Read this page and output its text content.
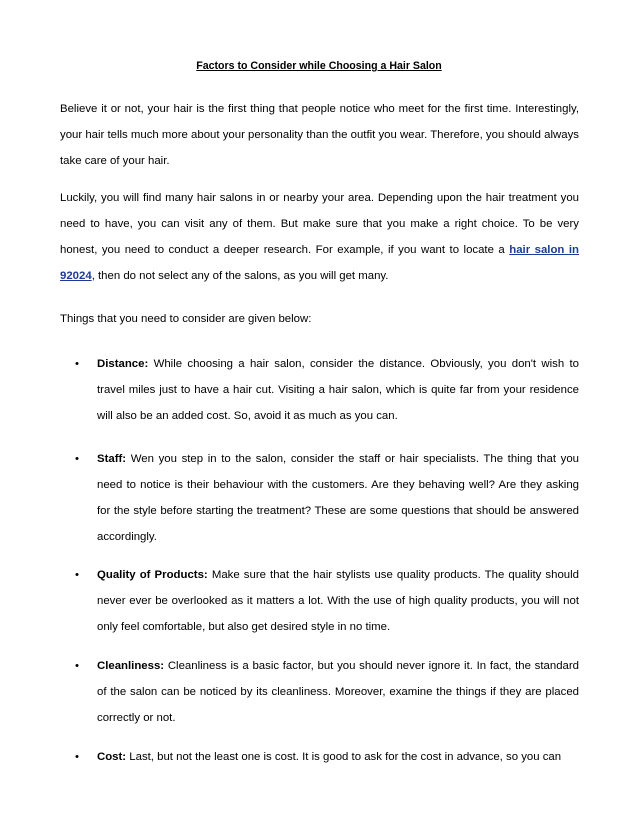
Factors to Consider while Choosing a Hair Salon

Believe it or not, your hair is the first thing that people notice who meet for the first time. Interestingly, your hair tells much more about your personality than the outfit you wear. Therefore, you should always take care of your hair.

Luckily, you will find many hair salons in or nearby your area. Depending upon the hair treatment you need to have, you can visit any of them. But make sure that you make a right choice. To be very honest, you need to conduct a deeper research. For example, if you want to locate a hair salon in 92024, then do not select any of the salons, as you will get many.

Things that you need to consider are given below:

•	Distance: While choosing a hair salon, consider the distance. Obviously, you don't wish to travel miles just to have a hair cut. Visiting a hair salon, which is quite far from your residence will also be an added cost. So, avoid it as much as you can.
•	Staff: Wen you step in to the salon, consider the staff or hair specialists. The thing that you need to notice is their behaviour with the customers. Are they behaving well? Are they asking for the style before starting the treatment? These are some questions that should be answered accordingly.
•	Quality of Products: Make sure that the hair stylists use quality products. The quality should never ever be overlooked as it matters a lot. With the use of high quality products, you will not only feel comfortable, but also get desired style in no time.
•	Cleanliness: Cleanliness is a basic factor, but you should never ignore it. In fact, the standard of the salon can be noticed by its cleanliness. Moreover, examine the things if they are placed correctly or not.
•	Cost: Last, but not the least one is cost. It is good to ask for the cost in advance, so you can
